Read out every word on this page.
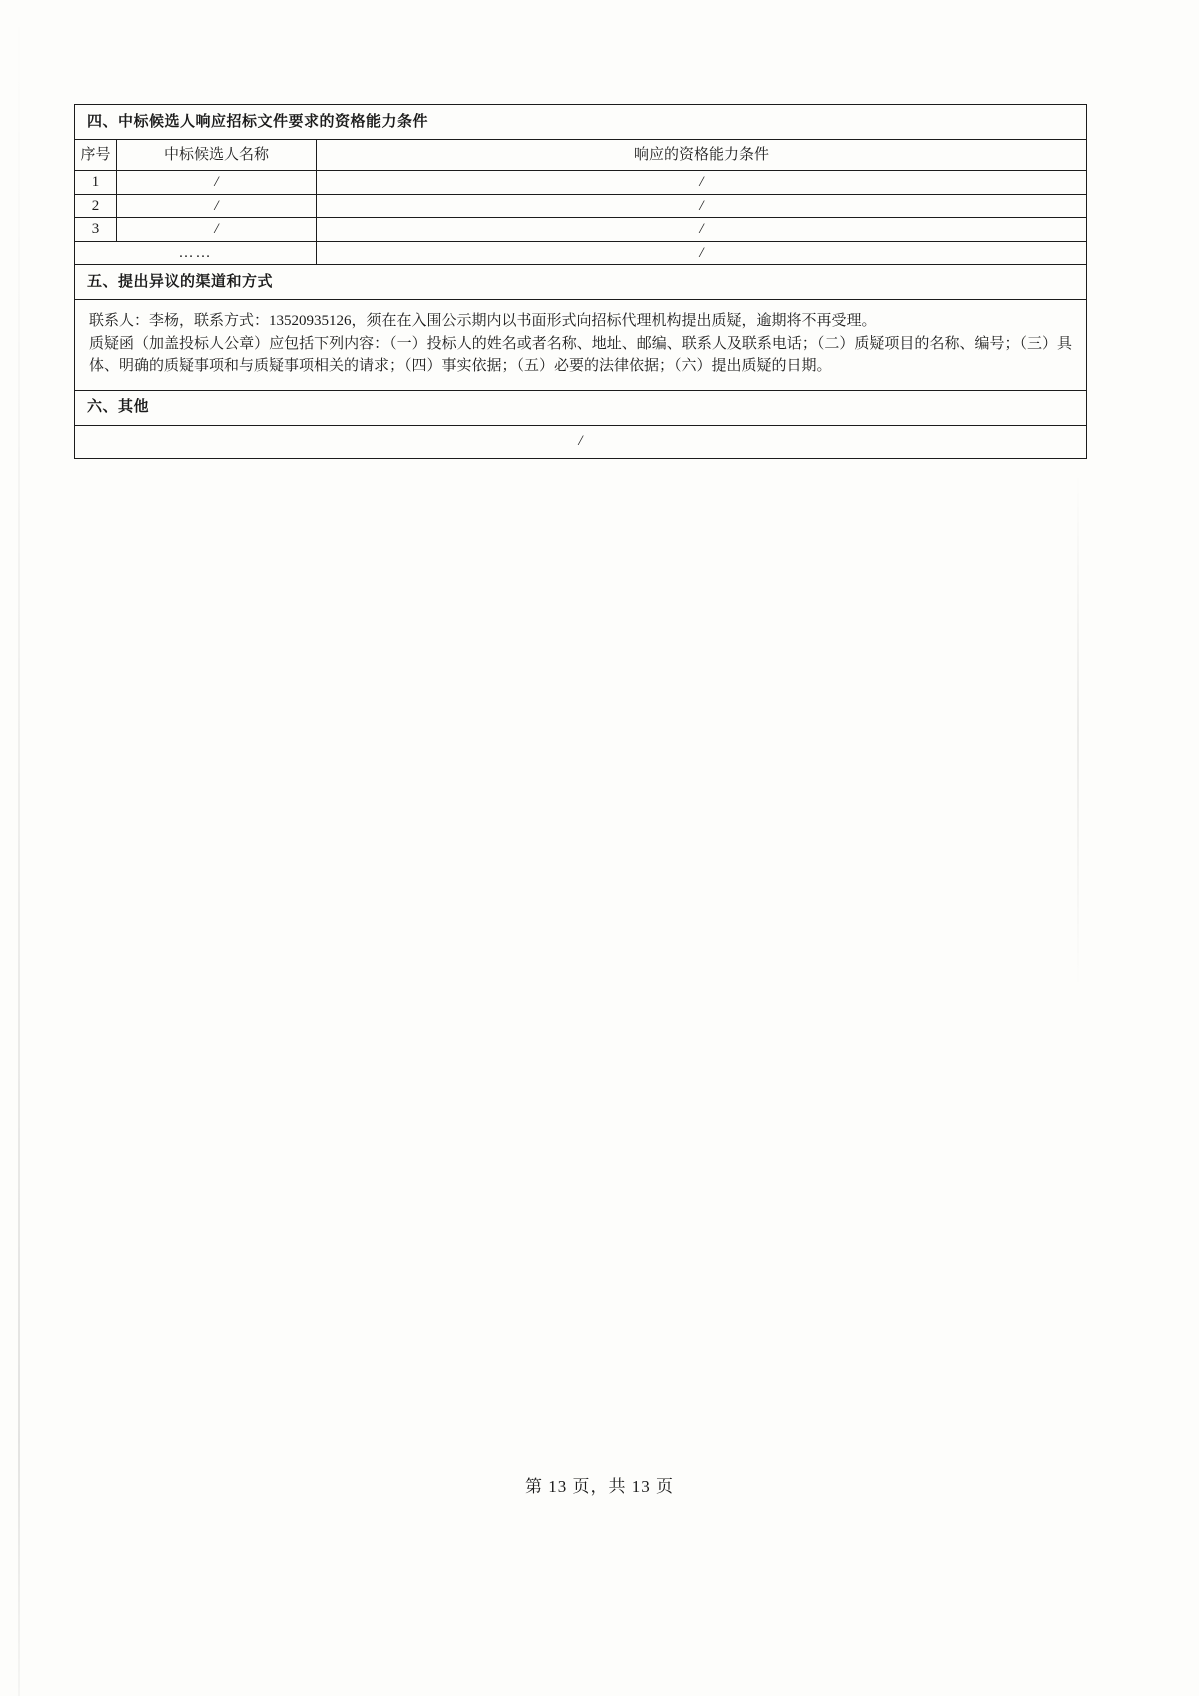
四、中标候选人响应招标文件要求的资格能力条件		
序号	中标候选人名称	响应的资格能力条件
1	/	/
2	/	/
3	/	/
……		/
五、提出异议的渠道和方式		

联系人：李杨，联系方式：13520935126，须在在入围公示期内以书面形式向招标代理机构提出质疑，逾期将不再受理。

质疑函（加盖投标人公章）应包括下列内容：（一）投标人的姓名或者名称、地址、邮编、联系人及联系电话；（二）质疑项目的名称、编号；（三）具体、明确的质疑事项和与质疑事项相关的请求；（四）事实依据；（五）必要的法律依据；（六）提出质疑的日期。		

六、其他		
/		
第 13 页，共 13 页
